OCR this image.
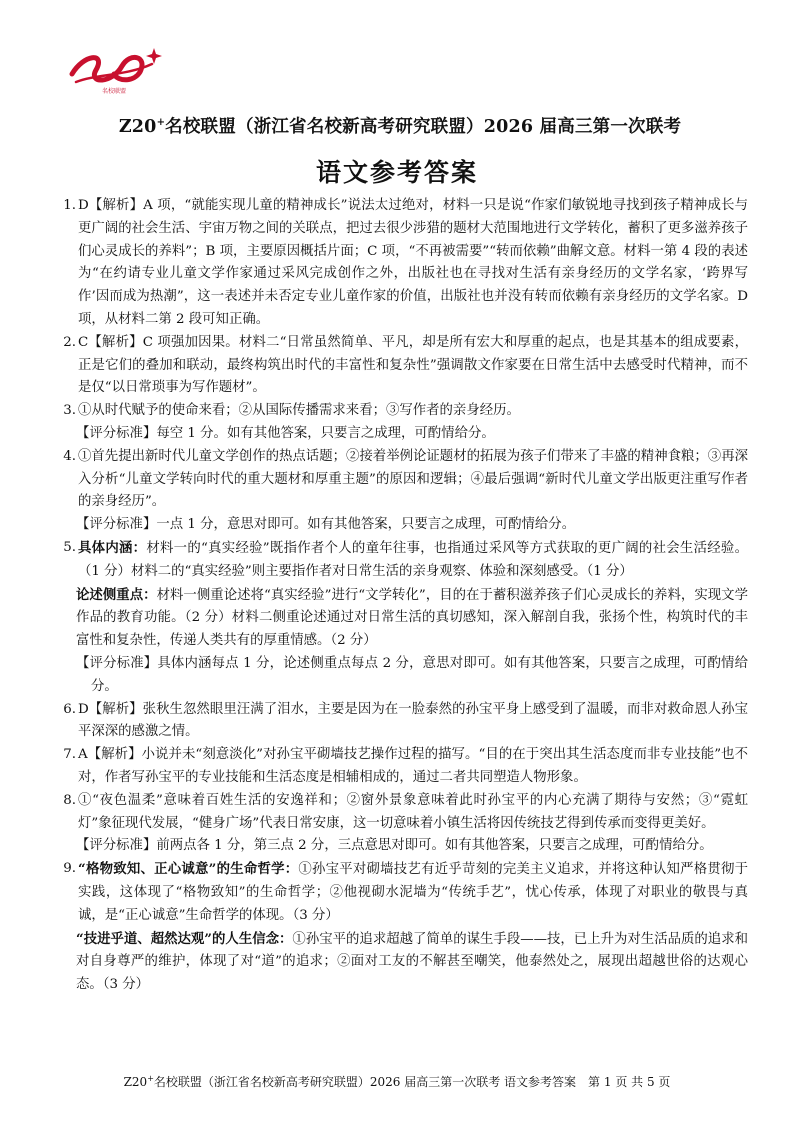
名校联盟
Z20+名校联盟（浙江省名校新高考研究联盟）2026 届高三第一次联考
语文参考答案
1. D【解析】A 项，“就能实现儿童的精神成长”说法太过绝对，材料一只是说“作家们敏锐地寻找到孩子精神成长与更广阔的社会生活、宇宙万物之间的关联点，把过去很少涉猎的题材大范围地进行文学转化，蓄积了更多滋养孩子们心灵成长的养料”；B 项，主要原因概括片面；C 项，“不再被需要”“转而依赖”曲解文意。材料一第 4 段的表述为“在约请专业儿童文学作家通过采风完成创作之外，出版社也在寻找对生活有亲身经历的文学名家，‘跨界写作’因而成为热潮”，这一表述并未否定专业儿童作家的价值，出版社也并没有转而依赖有亲身经历的文学名家。D 项，从材料二第 2 段可知正确。
2. C【解析】C 项强加因果。材料二“日常虽然简单、平凡，却是所有宏大和厚重的起点，也是其基本的组成要素，正是它们的叠加和联动，最终构筑出时代的丰富性和复杂性”强调散文作家要在日常生活中去感受时代精神，而不是仅“以日常琐事为写作题材”。
3. ①从时代赋予的使命来看；②从国际传播需求来看；③写作者的亲身经历。
【评分标准】每空 1 分。如有其他答案，只要言之成理，可酌情给分。
4. ①首先提出新时代儿童文学创作的热点话题；②接着举例论证题材的拓展为孩子们带来了丰盛的精神食粮；③再深入分析“儿童文学转向时代的重大题材和厚重主题”的原因和逻辑；④最后强调“新时代儿童文学出版更注重写作者的亲身经历”。
【评分标准】一点 1 分，意思对即可。如有其他答案，只要言之成理，可酌情给分。
5. 具体内涵：材料一的“真实经验”既指作者个人的童年往事，也指通过采风等方式获取的更广阔的社会生活经验。（1 分）材料二的“真实经验”则主要指作者对日常生活的亲身观察、体验和深刻感受。（1 分）
论述侧重点：材料一侧重论述将“真实经验”进行“文学转化”，目的在于蓄积滋养孩子们心灵成长的养料，实现文学作品的教育功能。（2 分）材料二侧重论述通过对日常生活的真切感知，深入解剖自我，张扬个性，构筑时代的丰富性和复杂性，传递人类共有的厚重情感。（2 分）
【评分标准】具体内涵每点 1 分，论述侧重点每点 2 分，意思对即可。如有其他答案，只要言之成理，可酌情给分。
6. D【解析】张秋生忽然眼里汪满了泪水，主要是因为在一脸泰然的孙宝平身上感受到了温暖，而非对救命恩人孙宝平深深的感激之情。
7. A【解析】小说并未“刻意淡化”对孙宝平砌墙技艺操作过程的描写。“目的在于突出其生活态度而非专业技能”也不对，作者写孙宝平的专业技能和生活态度是相辅相成的，通过二者共同塑造人物形象。
8. ①“夜色温柔”意味着百姓生活的安逸祥和；②窗外景象意味着此时孙宝平的内心充满了期待与安然；③“霓虹灯”象征现代发展，“健身广场”代表日常安康，这一切意味着小镇生活将因传统技艺得到传承而变得更美好。
【评分标准】前两点各 1 分，第三点 2 分，三点意思对即可。如有其他答案，只要言之成理，可酌情给分。
9. “格物致知、正心诚意”的生命哲学：①孙宝平对砌墙技艺有近乎苛刻的完美主义追求，并将这种认知严格贯彻于实践，这体现了“格物致知”的生命哲学；②他视砌水泥墙为“传统手艺”，忧心传承，体现了对职业的敬畏与真诚，是“正心诚意”生命哲学的体现。（3 分）
“技进乎道、超然达观”的人生信念：①孙宝平的追求超越了简单的谋生手段——技，已上升为对生活品质的追求和对自身尊严的维护，体现了对“道”的追求；②面对工友的不解甚至嘲笑，他泰然处之，展现出超越世俗的达观心态。（3 分）
Z20+名校联盟（浙江省名校新高考研究联盟）2026 届高三第一次联考 语文参考答案　第 1 页 共 5 页
